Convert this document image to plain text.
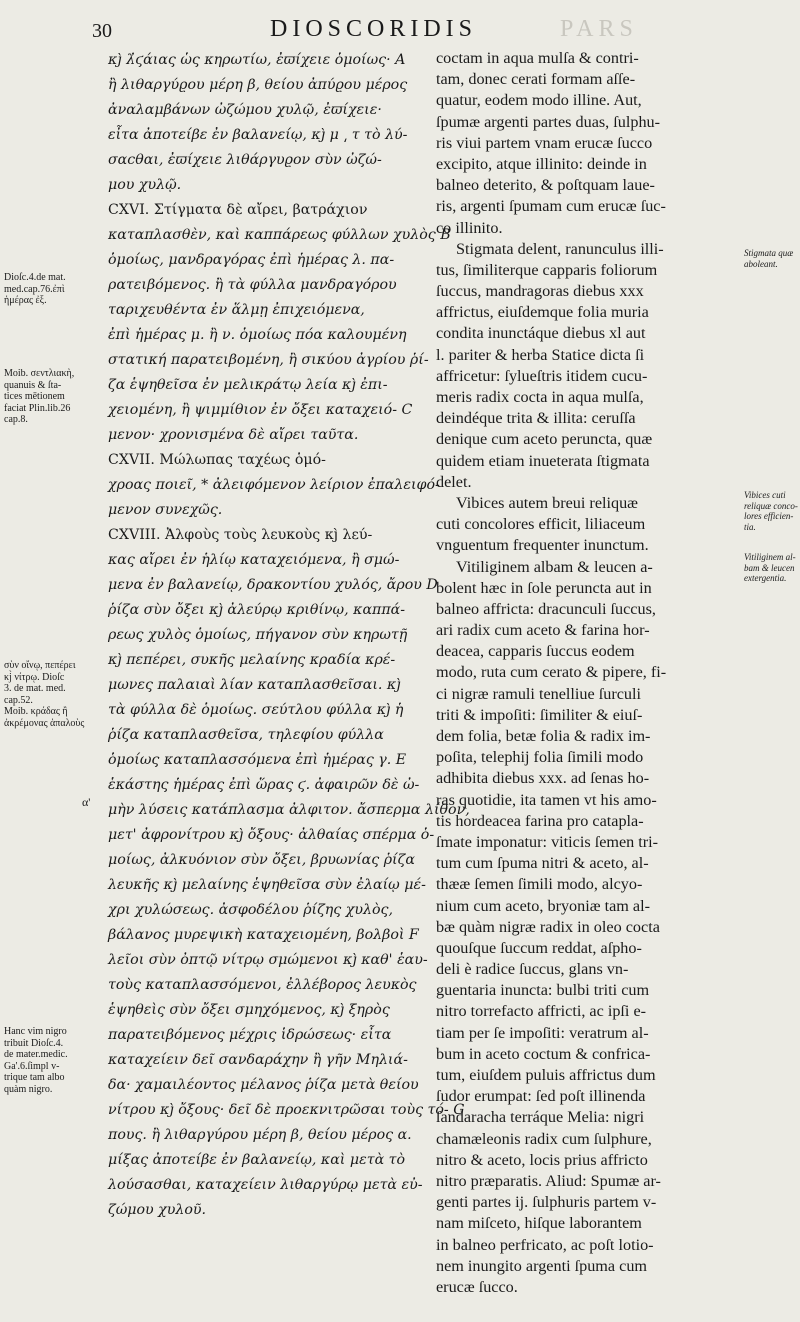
30	DIOSCORIDIS	PARS
κϳ̀ λ̓ϛάιας ὡς κηρωτίω, ἐϖίχειε ὁμοίως· A
ἢ λιθαργύϱου μέρη β, θείου ἀπύϱου μέρος
ἀναλαμβάνων ὠζώμου χυλῷ, ἐϖίχειε·
εἶτα ἀποτείβε ἐν βαλανείῳ, κϳ̀ μ ͵ τ τὸ λύ-
σαϲθαι, ἐϖίχειε λιθάργυϱον σὺν ὠζώ-
μου χυλῷ.
CXVI. Στίγματα δὲ αἴρει, βατράχιον
καταπλασθὲν, καὶ καππάρεως φύλλων χυλὸς B
ὁμοίως, μανδραγόρας ἐπὶ ἡμέρας λ. πα-
ρατειβόμενος. ἢ τὰ φύλλα μανδραγόρου
ταριχευθέντα ἐν ἅλμῃ ἐπιχειόμενα,
ἐπὶ ἡμέρας μ. ἢ ν. ὁμοίως πόα καλουμένη
στατική παρατειβομένη, ἢ σικύου ἀγρίου ῥί-
ζα ἑψηθεῖσα ἐν μελικράτῳ λεία κϳ̀ ἐπι-
χειομένη, ἢ ψιμμίθιον ἐν ὄξει καταχειό- C
μενον· χρονισμένα δὲ αἴρει ταῦτα.
CXVII. Μώλωπας ταχέως ὁμό-
χροας ποιεῖ, * ἀλειφόμενον λείριον ἐπαλειφό-
μενον συνεχῶς.
CXVIII. Ἀλφοὺς τοὺς λευκοὺς κϳ̀ λεύ-
κας αἴρει ἐν ἡλίῳ καταχειόμενα, ἢ σμώ-
μενα ἐν βαλανείῳ, δρακοντίου χυλός, ἄρου D
ῥίζα σὺν ὄξει κϳ̀ ἀλεύρῳ κριθίνῳ, καππά-
ρεως χυλὸς ὁμοίως, πήγανον σὺν κηρωτῇ
κϳ̀ πεπέρει, συκῆς μελαίνης κραδία κρέ-
μωνες παλαιαὶ λίαν καταπλασθεῖσαι. κϳ̀
τὰ φύλλα δὲ ὁμοίως. σεύτλου φύλλα κϳ̀ ἡ
ῥίζα καταπλασθεῖσα, τηλεφίου φύλλα
ὁμοίως καταπλασσόμενα ἐπὶ ἡμέρας γ. E
ἑκάστης ἡμέρας ἐπὶ ὥρας ϛ. ἀφαιρῶν δὲ ὠ-
μὴν λύσεις κατάπλασμα ἀλφιτον. ἄσπερμα λίθον,
μετ' ἀφρονίτρου κϳ̀ ὄξους· ἀλθαίας σπέρμα ὁ-
μοίως, ἀλκυόνιον σὺν ὄξει, βρυωνίας ῥίζα
λευκῆς κϳ̀ μελαίνης ἑψηθεῖσα σὺν ἐλαίῳ μέ-
χρι χυλώσεως. ἀσφοδέλου ῥίζης χυλὸς,
βάλανος μυρεψικὴ καταχειομένη, βολβοὶ F
λεῖοι σὺν ὀπτῷ νίτρῳ σμώμενοι κϳ̀ καθ' ἑαυ-
τοὺς καταπλασσόμενοι, ἐλλέβορος λευκὸς
ἑψηθεὶς σὺν ὄξει σμηχόμενος, κϳ̀ ξηρὸς
παρατειβόμενος μέχρις ἱδρώσεως· εἶτα
καταχείειν δεῖ σανδαράχην ἢ γῆν Μηλιά-
δα· χαμαιλέοντος μέλανος ῥίζα μετὰ θείου
νίτρου κϳ̀ ὄξους· δεῖ δὲ προεκνιτρῶσαι τοὺς τό- G
πους. ἢ λιθαργύρου μέρη β, θείου μέρος α.
μίξας ἀποτείβε ἐν βαλανείῳ, καὶ μετὰ τὸ
λούσασθαι, καταχείειν λιθαργύρῳ μετὰ εὐ-
ζώμου χυλοῦ.
coctam in aqua mulſa & contri-
tam, donec cerati formam aſſe-
quatur, eodem modo illine. Aut,
ſpumæ argenti partes duas, ſulphu-
ris viui partem vnam erucæ ſucco
excipito, atque illinito: deinde in
balneo deterito, & poſtquam laue-
ris, argenti ſpumam cum erucæ ſuc-
co illinito.
Stigmata delent, ranunculus illi-
tus, ſimiliterque capparis foliorum
ſuccus, mandragoras diebus xxx
affrictus, eiuſdemque folia muria
condita inunctáque diebus xl aut
l. pariter & herba Statice dicta ſi
affricetur: ſylueſtris itidem cucu-
meris radix cocta in aqua mulſa,
deindéque trita & illita: ceruſſa
denique cum aceto peruncta, quæ
quidem etiam inueterata ſtigmata
delet.
Vibices autem breui reliquæ
cuti concolores efficit, liliaceum
vnguentum frequenter inunctum.
Vitiliginem albam & leucen a-
bolent hæc in ſole peruncta aut in
balneo affricta: dracunculi ſuccus,
ari radix cum aceto & farina hor-
deacea, capparis ſuccus eodem
modo, ruta cum cerato & pipere, fi-
ci nigræ ramuli tenelliue ſurculi
triti & impoſiti: ſimiliter & eiuſ-
dem folia, betæ folia & radix im-
poſita, telephij folia ſimili modo
adhibita diebus xxx. ad ſenas ho-
ras quotidie, ita tamen vt his amo-
tis hordeacea farina pro catapla-
ſmate imponatur: viticis ſemen tri-
tum cum ſpuma nitri & aceto, al-
thææ ſemen ſimili modo, alcyo-
nium cum aceto, bryoniæ tam al-
bæ quàm nigræ radix in oleo cocta
quouſque ſuccum reddat, aſpho-
deli è radice ſuccus, glans vn-
guentaria inuncta: bulbi triti cum
nitro torrefacto affricti, ac ipſi e-
tiam per ſe impoſiti: veratrum al-
bum in aceto coctum & confrica-
tum, eiuſdem puluis affrictus dum
ſudor erumpat: ſed poſt illinenda
ſandaracha terráque Melia: nigri
chamæleonis radix cum ſulphure,
nitro & aceto, locis prius affricto
nitro præparatis. Aliud: Spumæ ar-
genti partes ij. ſulphuris partem v-
nam miſceto, hiſque laborantem
in balneo perfricato, ac poſt lotio-
nem inungito argenti ſpuma cum
erucæ ſucco.
Dioſc.4.de mat.
med.cap.76.ἐπὶ
ἡμέρας ἐξ.
Moib. σεντλιακὴ,
quanuis & ſta-
tices mētionem
faciat Plin.lib.26
cap.8.
σὺν οἴνῳ, πεπέρει
κϳ̀ νίτρῳ. Dioſc
3. de mat. med.
cap.52.
Moib. κράδας ἢ
ἀκρέμονας ἁπαλοὺς
Hanc vim nigro
tribuit Dioſc.4.
de mater.medic.
Ga'.6.ſimpl v-
trique tam albo
quàm nigro.
Stigmata quæ
aboleant.
Vibices cuti
reliquæ conco-
lores efficien-
tia.
Vitiliginem al-
bam & leucen
extergentia.
α'
